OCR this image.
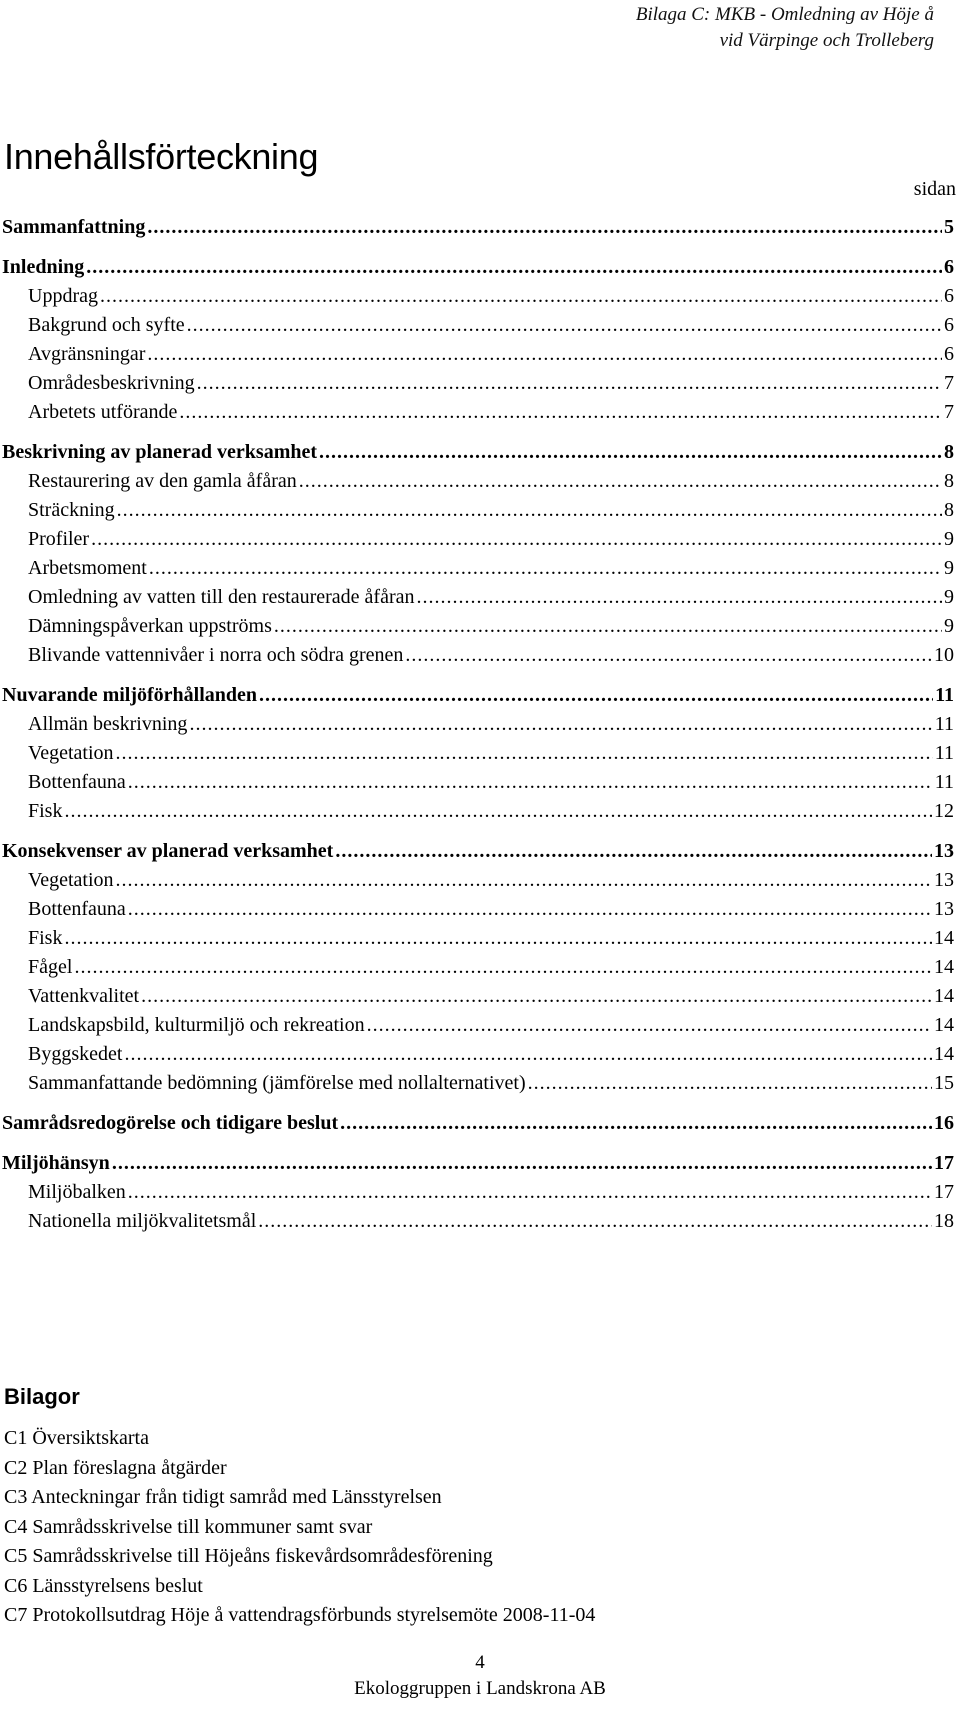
Bilaga C: MKB - Omledning av Höje å
vid Värpinge och Trolleberg
Innehållsförteckning
sidan
Sammanfattning .....	5
Inledning .....	6
Uppdrag .....	6
Bakgrund och syfte .....	6
Avgränsningar .....	6
Områdesbeskrivning .....	7
Arbetets utförande .....	7
Beskrivning av planerad verksamhet .....	8
Restaurering av den gamla åfåran .....	8
Sträckning .....	8
Profiler .....	9
Arbetsmoment .....	9
Omledning av vatten till den restaurerade åfåran .....	9
Dämningspåverkan uppströms .....	9
Blivande vattennivåer i norra och södra grenen .....	10
Nuvarande miljöförhållanden .....	11
Allmän beskrivning .....	11
Vegetation .....	11
Bottenfauna .....	11
Fisk .....	12
Konsekvenser av planerad verksamhet .....	13
Vegetation .....	13
Bottenfauna .....	13
Fisk .....	14
Fågel .....	14
Vattenkvalitet .....	14
Landskapsbild, kulturmiljö och rekreation .....	14
Byggskedet .....	14
Sammanfattande bedömning (jämförelse med nollalternativet) .....	15
Samrådsredogörelse och tidigare beslut .....	16
Miljöhänsyn .....	17
Miljöbalken .....	17
Nationella miljökvalitetsmål .....	18
Bilagor
C1 Översiktskarta
C2 Plan föreslagna åtgärder
C3 Anteckningar från tidigt samråd med Länsstyrelsen
C4 Samrådsskrivelse till kommuner samt svar
C5 Samrådsskrivelse till Höjeåns fiskevårdsområdesförening
C6 Länsstyrelsens beslut
C7 Protokollsutdrag Höje å vattendragsförbunds styrelsemöte 2008-11-04
4
Ekologgruppen i Landskrona AB
